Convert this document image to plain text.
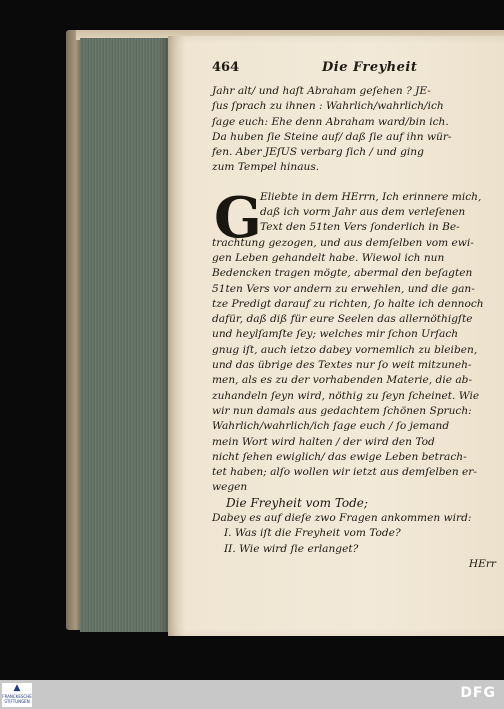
464	Die Freyheit
Jahr alt/ und haſt Abraham geſehen ? JE-
ſus ſprach zu ihnen : Wahrlich/wahrlich/ich
ſage euch: Ehe denn Abraham ward/bin ich.
Da huben ſie Steine auf/ daß ſie auf ihn wür-
fen. Aber JEſUS verbarg ſich / und ging
zum Tempel hinaus.
G
Eliebte in dem HErrn, Ich erinnere mich,
daß ich vorm Jahr aus dem verleſenen
Text den 51ten Vers ſonderlich in Be-
trachtung gezogen, und aus demſelben vom ewi-
gen Leben gehandelt habe. Wiewol ich nun
Bedencken tragen mögte, abermal den beſagten
51ten Vers vor andern zu erwehlen, und die gan-
tze Predigt darauf zu richten, ſo halte ich dennoch
dafür, daß diß für eure Seelen das allernöthigſte
und heylſamſte ſey; welches mir ſchon Urſach
gnug iſt, auch ietzo dabey vornemlich zu bleiben,
und das übrige des Textes nur ſo weit mitzuneh-
men, als es zu der vorhabenden Materie, die ab-
zuhandeln ſeyn wird, nöthig zu ſeyn ſcheinet. Wie
wir nun damals aus gedachtem ſchönen Spruch:
Wahrlich/wahrlich/ich ſage euch / ſo jemand
mein Wort wird halten / der wird den Tod
nicht ſehen ewiglich/ das ewige Leben betrach-
tet haben; alſo wollen wir ietzt aus demſelben er-
wegen
Die Freyheit vom Tode;
Dabey es auf dieſe zwo Fragen ankommen wird:
I. Was iſt die Freyheit vom Tode?
II. Wie wird ſie erlanget?
HErr
▲
FRANCKESCHE STIFTUNGEN
DFG
